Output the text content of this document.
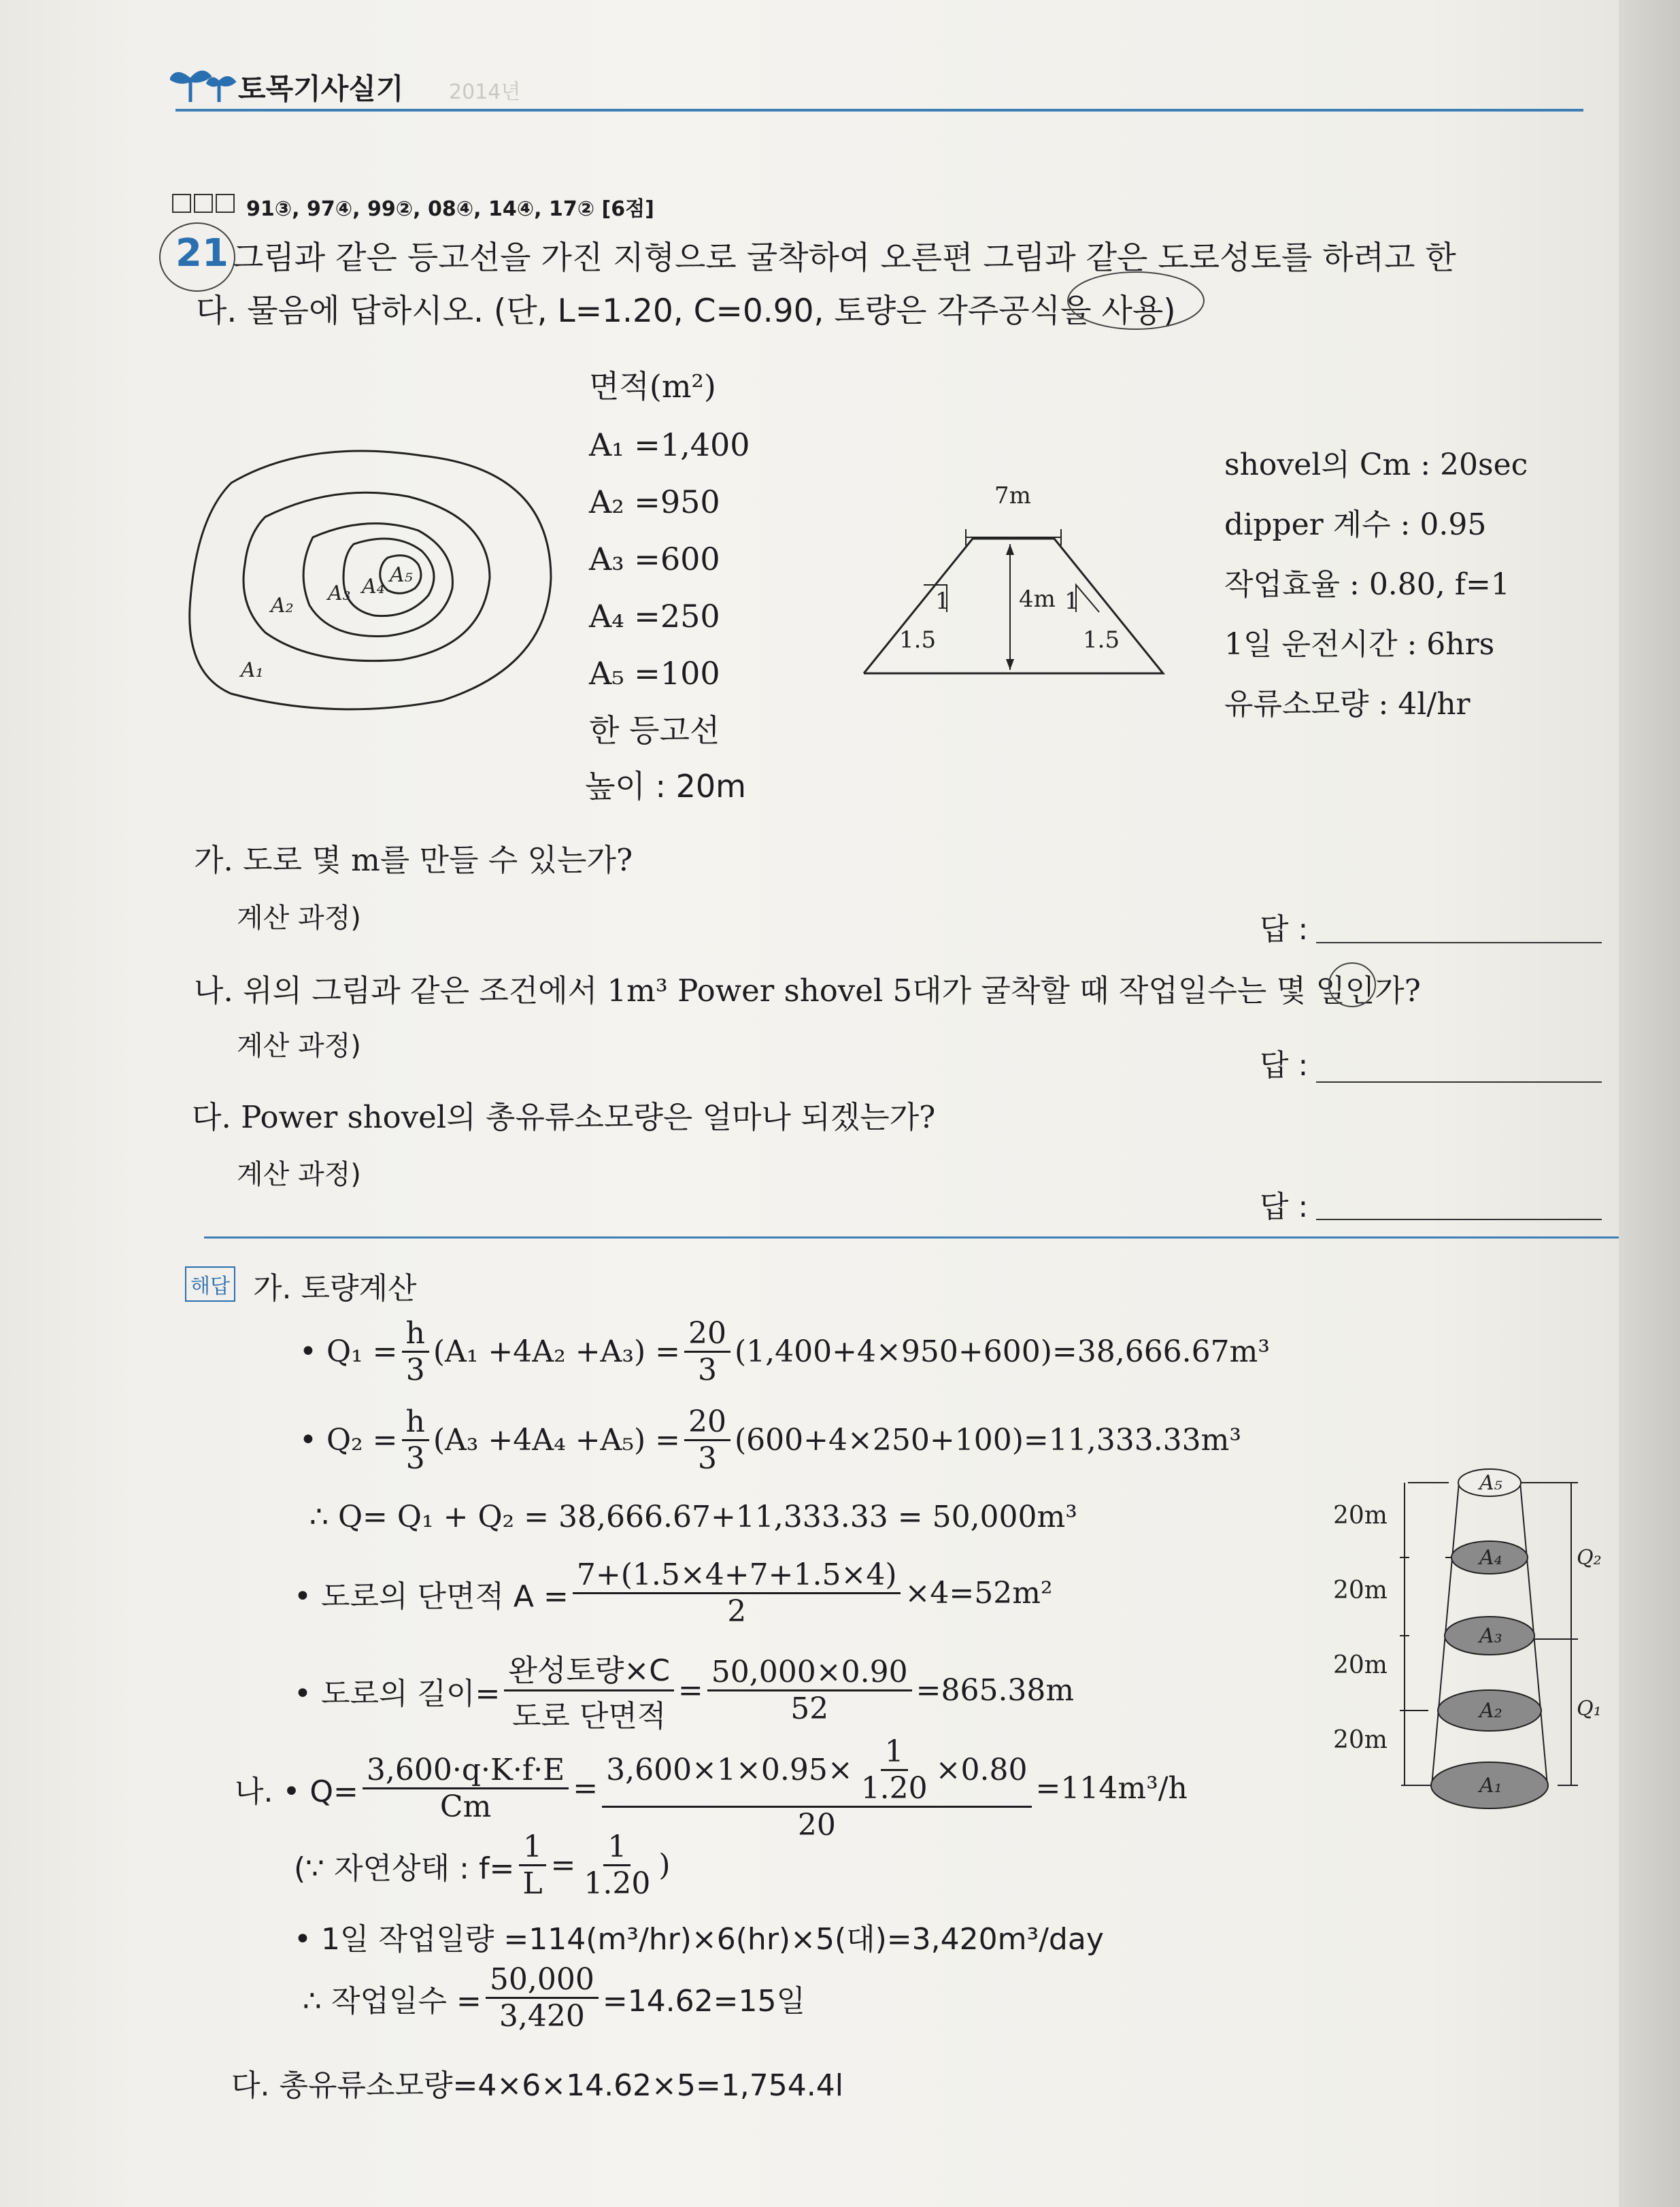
토목기사실기 2014년
91③, 97④, 99②, 08④, 14④, 17② [6점]
21 그림과 같은 등고선을 가진 지형으로 굴착하여 오른편 그림과 같은 도로성토를 하려고 한
다. 물음에 답하시오. (단, L=1.20, C=0.90, 토량은 각주공식을 사용)
A₁
A₂
A₃ A₄ A₅
면적(m²)
A₁ =1,400
A₂ =950
A₃ =600
A₄ =250
A₅ =100
한 등고선
높이 : 20m
7m
4m
1
1.5
1
1.5
shovel의 Cm : 20sec
dipper 계수 : 0.95
작업효율 : 0.80, f=1
1일 운전시간 : 6hrs
유류소모량 : 4l/hr
가. 도로 몇 m를 만들 수 있는가?
계산 과정)	답 :
나. 위의 그림과 같은 조건에서 1m³ Power shovel 5대가 굴착할 때 작업일수는 몇 일인가?
계산 과정)
답 :
다. Power shovel의 총유류소모량은 얼마나 되겠는가?
계산 과정)
답 :
해답 가. 토량계산
• $Q_1 = \frac{h}{3} (A_1 +4A_2 +A_3) = \frac{20}{3} (1,400+4\times 950+600)=38,666.67m^3$
• $Q_2 = \frac{h}{3} (A_3 +4A_4 +A_5) = \frac{20}{3} (600+4\times 250+100)=11,333.33m^3$
∴ Q= Q₁ + Q₂ = 38,666.67+11,333.33 = 50,000m³
• 도로의 단면적 $A = \frac{7+(1.5\times 4+7+1.5\times 4)}{2} \times 4=52m^2$
• 도로의 길이= $\frac{\text{완성토량×C}}{\text{도로 단면적}} = \frac{50,000\times 0.90}{52} =865.38m$
나. • $Q= \frac{3,600\cdot q\cdot K\cdot f\cdot E}{Cm} = \frac{3,600\times 1\times 0.95\times \frac{1}{1.20} \times 0.80}{20} =114m^3/h$
(∵ 자연상태 : $f= \frac{1}{L} = \frac{1}{1.20}$ )
• 1일 작업일량 =114(m³/hr)×6(hr)×5(대)=3,420m³/day
∴ 작업일수 = $\frac{50,000}{3,420} =14.62=15$일
다. 총유류소모량=4×6×14.62×5=1,754.4l
A₅
A₄
A₃
A₂
A₁
Q₂
Q₁
20m
20m
20m
20m
